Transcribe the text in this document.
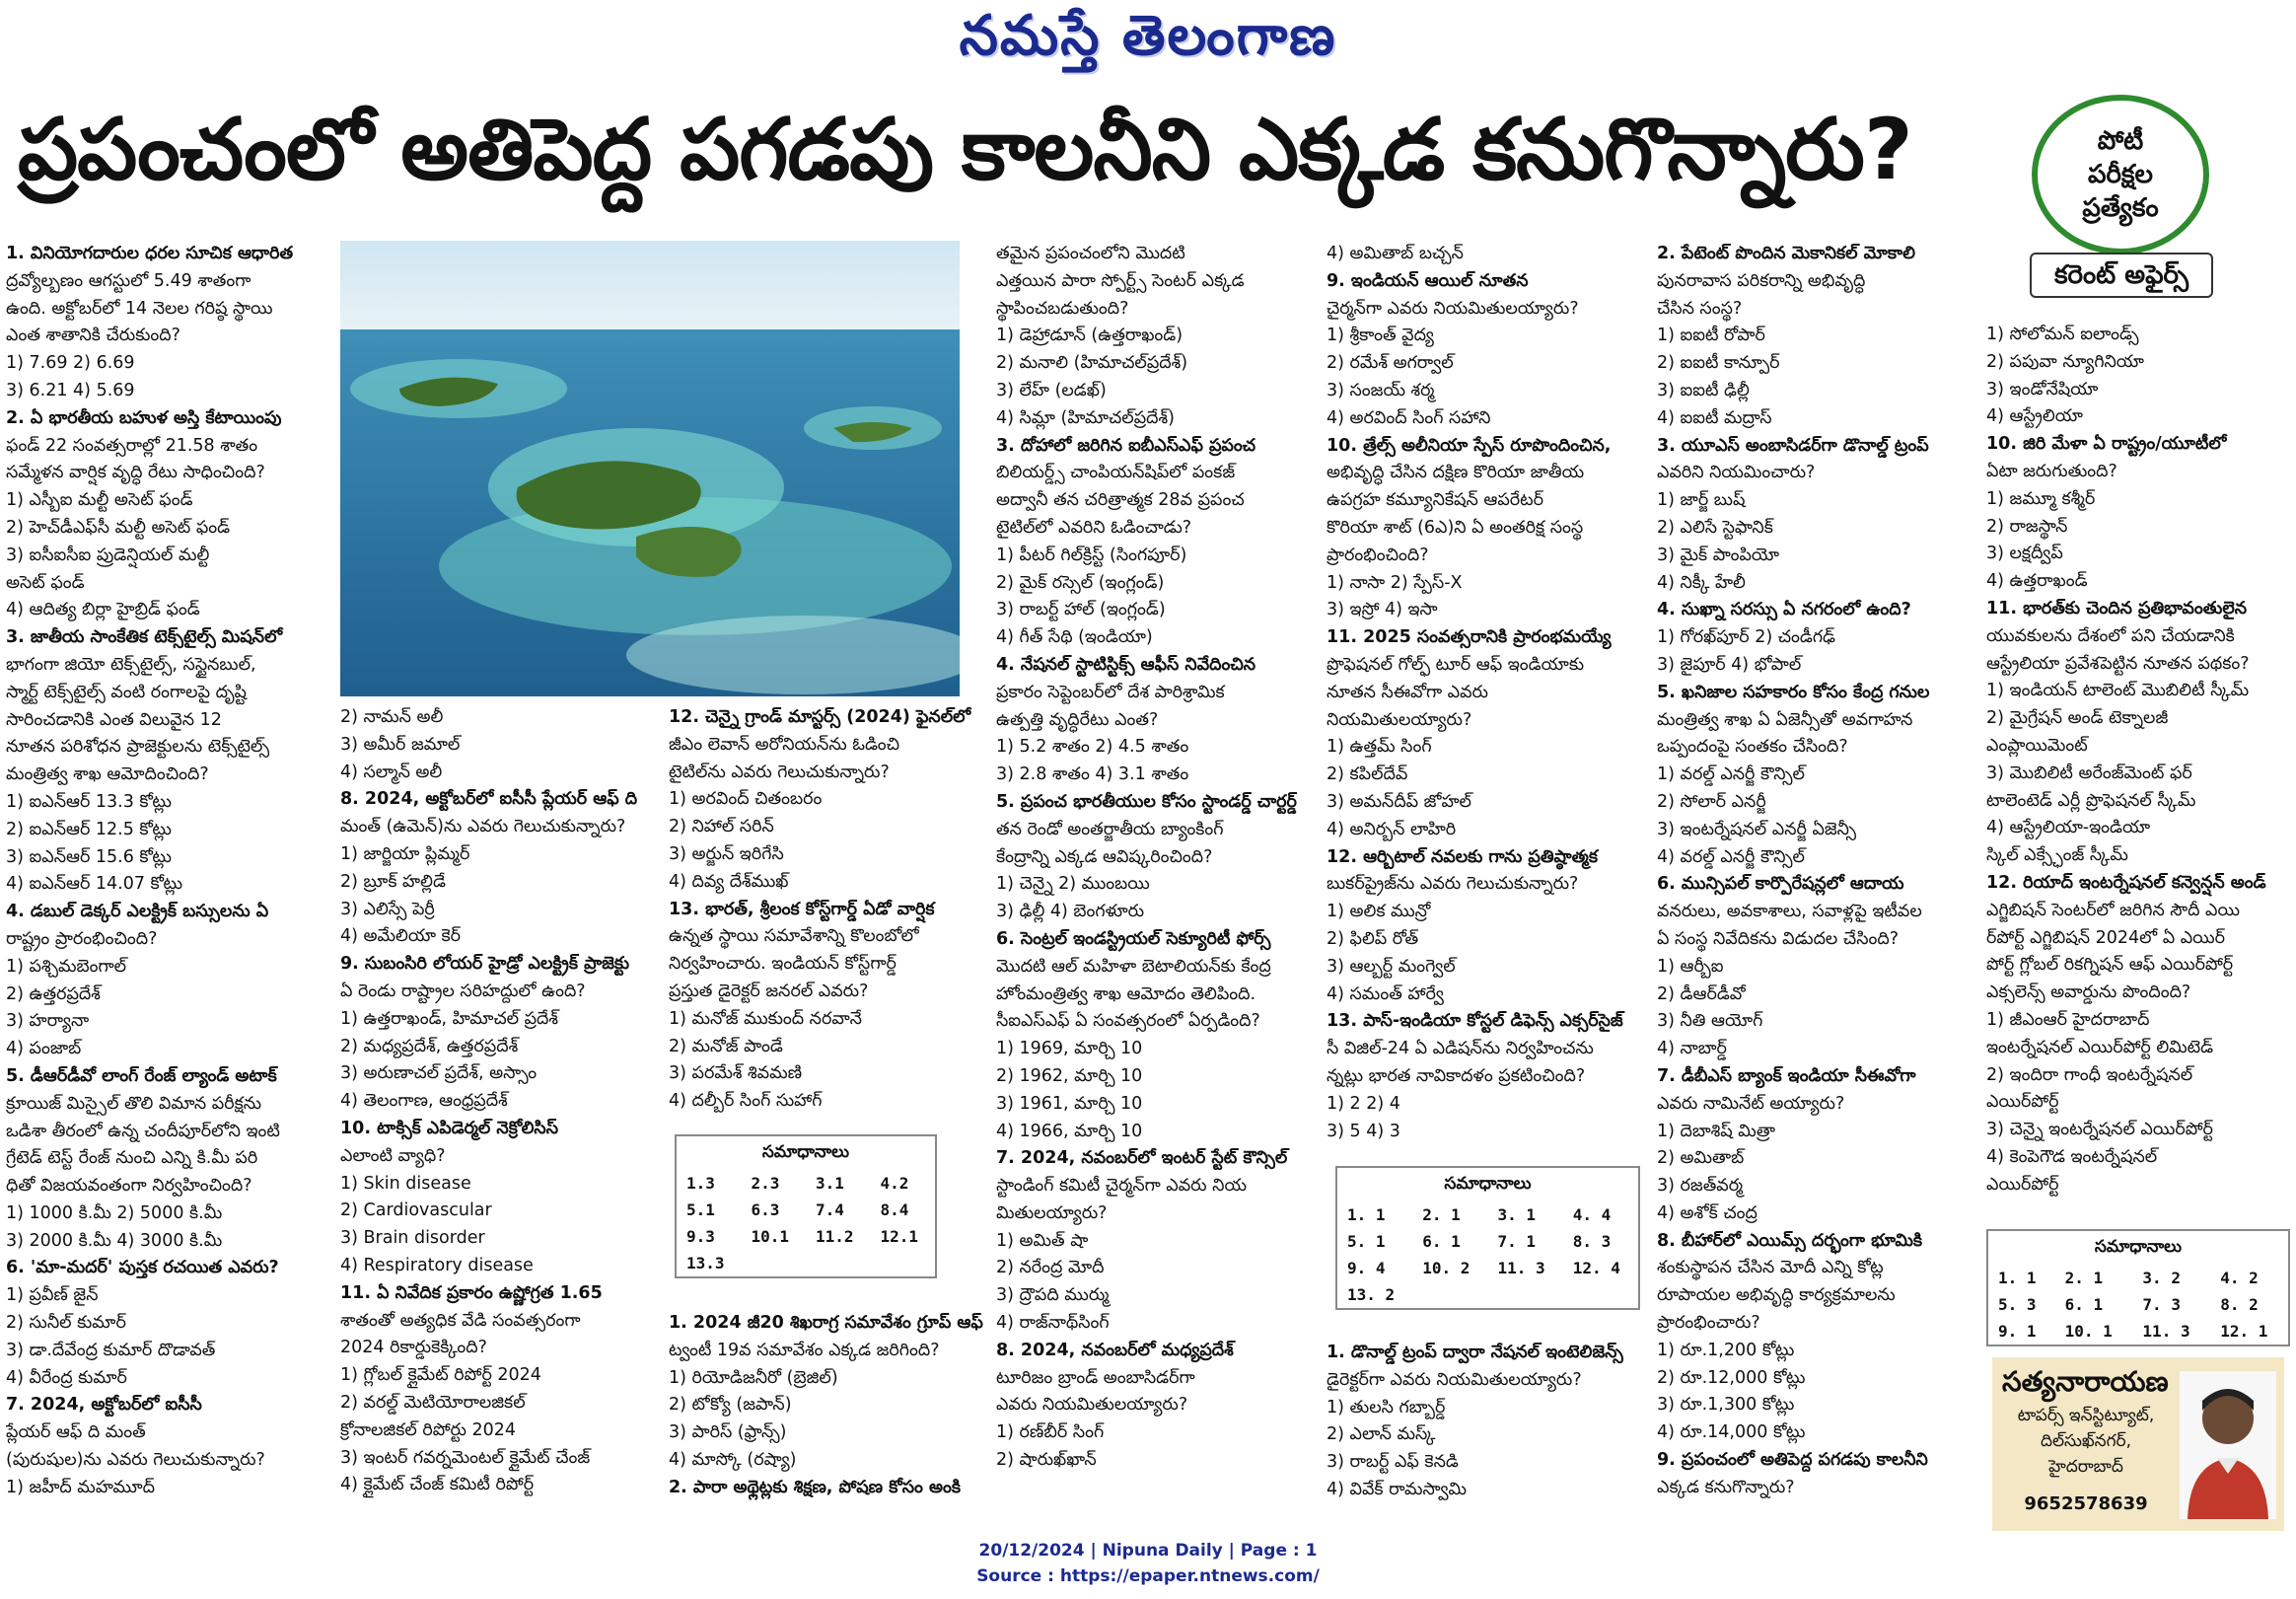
నమస్తే తెలంగాణ
ప్రపంచంలో అతిపెద్ద పగడపు కాలనీని ఎక్కడ కనుగొన్నారు?	పోటీ
పరీక్షల
ప్రత్యేకం
కరెంట్ అఫైర్స్
1. వినియోగదారుల ధరల సూచిక ఆధారిత
ద్రవ్యోల్బణం ఆగస్టులో 5.49 శాతంగా
ఉంది. అక్టోబర్‌లో 14 నెలల గరిష్ఠ స్థాయి
ఎంత శాతానికి చేరుకుంది?
1) 7.69 2) 6.69
3) 6.21 4) 5.69
2. ఏ భారతీయ బహుళ అస్తి కేటాయింపు
ఫండ్ 22 సంవత్సరాల్లో 21.58 శాతం
సమ్మేళన వార్షిక వృద్ధి రేటు సాధించింది?
1) ఎస్బీఐ మల్టీ అసెట్ ఫండ్
2) హెచ్‌డీఎఫ్‌సీ మల్టీ అసెట్ ఫండ్
3) ఐసీఐసీఐ ప్రుడెన్షియల్ మల్టీ
అసెట్ ఫండ్
4) ఆదిత్య బిర్లా హైబ్రిడ్ ఫండ్
3. జాతీయ సాంకేతిక టెక్స్‌టైల్స్ మిషన్‌లో
భాగంగా జియో టెక్స్‌టైల్స్, సస్టైనబుల్,
స్మార్ట్ టెక్స్‌టైల్స్ వంటి రంగాలపై దృష్టి
సారించడానికి ఎంత విలువైన 12
నూతన పరిశోధన ప్రాజెక్టులను టెక్స్‌టైల్స్
మంత్రిత్వ శాఖ ఆమోదించింది?
1) ఐఎన్ఆర్ 13.3 కోట్లు
2) ఐఎన్ఆర్ 12.5 కోట్లు
3) ఐఎన్ఆర్ 15.6 కోట్లు
4) ఐఎన్ఆర్ 14.07 కోట్లు
4. డబుల్ డెక్కర్ ఎలక్ట్రిక్ బస్సులను ఏ
రాష్ట్రం ప్రారంభించింది?
1) పశ్చిమబెంగాల్
2) ఉత్తరప్రదేశ్
3) హర్యానా
4) పంజాబ్
5. డీఆర్‌డీవో లాంగ్ రేంజ్ ల్యాండ్ అటాక్
క్రూయిజ్ మిస్సైల్ తొలి విమాన పరీక్షను
ఒడిశా తీరంలో ఉన్న చందీపూర్‌లోని ఇంటి
గ్రేటెడ్ టెస్ట్ రేంజ్ నుంచి ఎన్ని కి.మీ పరి
ధితో విజయవంతంగా నిర్వహించింది?
1) 1000 కి.మీ 2) 5000 కి.మీ
3) 2000 కి.మీ 4) 3000 కి.మీ
6. 'మా-మదర్' పుస్తక రచయిత ఎవరు?
1) ప్రవీణ్ జైన్
2) సునీల్ కుమార్
3) డా.దేవేంద్ర కుమార్ దొడావత్
4) వీరేంద్ర కుమార్
7. 2024, అక్టోబర్‌లో ఐసీసీ
ప్లేయర్ ఆఫ్ ది మంత్
(పురుషుల)ను ఎవరు గెలుచుకున్నారు?
1) జహీద్ మహమూద్
2) నామన్ అలీ
3) అమీర్ జమాల్
4) సల్మాన్ అలీ
8. 2024, అక్టోబర్‌లో ఐసీసీ ప్లేయర్ ఆఫ్ ది
మంత్ (ఉమెన్)ను ఎవరు గెలుచుకున్నారు?
1) జార్జియా ప్లిమ్మర్
2) బ్రూక్ హల్లిడే
3) ఎలిస్సే పెర్రీ
4) అమేలియా కెర్
9. సుబంసిరి లోయర్ హైడ్రో ఎలక్ట్రిక్ ప్రాజెక్టు
ఏ రెండు రాష్ట్రాల సరిహద్దులో ఉంది?
1) ఉత్తరాఖండ్, హిమాచల్ ప్రదేశ్
2) మధ్యప్రదేశ్, ఉత్తరప్రదేశ్
3) అరుణాచల్ ప్రదేశ్, అస్సాం
4) తెలంగాణ, ఆంధ్రప్రదేశ్
10. టాక్సిక్ ఎపిడెర్మల్ నెక్రోలిసిస్
ఎలాంటి వ్యాధి?
1) Skin disease
2) Cardiovascular
3) Brain disorder
4) Respiratory disease
11. ఏ నివేదిక ప్రకారం ఉష్ణోగ్రత 1.65
శాతంతో అత్యధిక వేడి సంవత్సరంగా
2024 రికార్డుకెక్కింది?
1) గ్లోబల్ క్లైమేట్ రిపోర్ట్ 2024
2) వరల్డ్ మెటియోరాలజికల్
క్రోనాలజికల్ రిపోర్టు 2024
3) ఇంటర్ గవర్నమెంటల్ క్లైమేట్ చేంజ్
4) క్లైమేట్ చేంజ్ కమిటీ రిపోర్ట్
12. చెన్నై గ్రాండ్ మాస్టర్స్ (2024) ఫైనల్‌లో
జీఎం లెవాన్ అరోనియన్‌ను ఓడించి
టైటిల్‌ను ఎవరు గెలుచుకున్నారు?
1) అరవింద్ చితంబరం
2) నిహాల్ సరిన్
3) అర్జున్ ఇరిగేసి
4) దివ్య దేశ్‌ముఖ్
13. భారత్, శ్రీలంక కోస్ట్‌గార్డ్ ఏడో వార్షిక
ఉన్నత స్థాయి సమావేశాన్ని కొలంబోలో
నిర్వహించారు. ఇండియన్ కోస్ట్‌గార్డ్
ప్రస్తుత డైరెక్టర్ జనరల్ ఎవరు?
1) మనోజ్ ముకుంద్ నరవానే
2) మనోజ్ పాండే
3) పరమేశ్ శివమణి
4) దల్బీర్ సింగ్ సుహాగ్
సమాధానాలు
1.3	2.3	3.1	4.2
5.1	6.3	7.4	8.4
9.3	10.1	11.2	12.1
13.3			
1. 2024 జీ20 శిఖరాగ్ర సమావేశం గ్రూప్ ఆఫ్
ట్వంటీ 19వ సమావేశం ఎక్కడ జరిగింది?
1) రియోడిజనీరో (బ్రెజిల్)
2) టోక్యో (జపాన్)
3) పారిస్ (ఫ్రాన్స్)
4) మాస్కో (రష్యా)
2. పారా అథ్లెట్లకు శిక్షణ, పోషణ కోసం అంకి
తమైన ప్రపంచంలోని మొదటి
ఎత్తయిన పారా స్పోర్ట్స్ సెంటర్ ఎక్కడ
స్థాపించబడుతుంది?
1) డెహ్రాడూన్ (ఉత్తరాఖండ్)
2) మనాలి (హిమాచల్‌ప్రదేశ్)
3) లేహ్ (లడఖ్)
4) సిమ్లా (హిమాచల్‌ప్రదేశ్)
3. దోహాలో జరిగిన ఐబీఎస్‌ఎఫ్ ప్రపంచ
బిలియర్డ్స్ చాంపియన్‌షిప్‌లో పంకజ్
అద్వానీ తన చరిత్రాత్మక 28వ ప్రపంచ
టైటిల్‌లో ఎవరిని ఓడించాడు?
1) పీటర్ గిల్‌క్రిస్ట్ (సింగపూర్)
2) మైక్ రస్సెల్ (ఇంగ్లండ్)
3) రాబర్ట్ హాల్ (ఇంగ్లండ్)
4) గీత్ సేథి (ఇండియా)
4. నేషనల్ స్టాటిస్టిక్స్ ఆఫీస్ నివేదించిన
ప్రకారం సెప్టెంబర్‌లో దేశ పారిశ్రామిక
ఉత్పత్తి వృద్ధిరేటు ఎంత?
1) 5.2 శాతం 2) 4.5 శాతం
3) 2.8 శాతం 4) 3.1 శాతం
5. ప్రపంచ భారతీయుల కోసం స్టాండర్డ్ చార్టర్డ్
తన రెండో అంతర్జాతీయ బ్యాంకింగ్
కేంద్రాన్ని ఎక్కడ ఆవిష్కరించింది?
1) చెన్నై 2) ముంబయి
3) ఢిల్లీ 4) బెంగళూరు
6. సెంట్రల్ ఇండస్ట్రియల్ సెక్యూరిటీ ఫోర్స్
మొదటి ఆల్ మహిళా బెటాలియన్‌కు కేంద్ర
హోంమంత్రిత్వ శాఖ ఆమోదం తెలిపింది.
సీఐఎస్ఎఫ్ ఏ సంవత్సరంలో ఏర్పడింది?
1) 1969, మార్చి 10
2) 1962, మార్చి 10
3) 1961, మార్చి 10
4) 1966, మార్చి 10
7. 2024, నవంబర్‌లో ఇంటర్ స్టేట్ కౌన్సిల్
స్టాండింగ్ కమిటీ చైర్మన్‌గా ఎవరు నియ
మితులయ్యారు?
1) అమిత్ షా
2) నరేంద్ర మోదీ
3) ద్రౌపది ముర్ము
4) రాజ్‌నాథ్‌సింగ్
8. 2024, నవంబర్‌లో మధ్యప్రదేశ్
టూరిజం బ్రాండ్ అంబాసిడర్‌గా
ఎవరు నియమితులయ్యారు?
1) రణ్‌బీర్ సింగ్
2) షారుఖ్‌ఖాన్
4) అమితాబ్ బచ్చన్
9. ఇండియన్ ఆయిల్ నూతన
చైర్మన్‌గా ఎవరు నియమితులయ్యారు?
1) శ్రీకాంత్ వైద్య
2) రమేశ్ అగర్వాల్
3) సంజయ్ శర్మ
4) అరవింద్ సింగ్ సహాని
10. త్రేల్స్ అలీనియా స్పేస్ రూపొందించిన,
అభివృద్ధి చేసిన దక్షిణ కొరియా జాతీయ
ఉపగ్రహ కమ్యూనికేషన్ ఆపరేటర్
కొరియా శాట్ (6ఎ)ని ఏ అంతరిక్ష సంస్థ
ప్రారంభించింది?
1) నాసా 2) స్పేస్-X
3) ఇస్రో 4) ఇసా
11. 2025 సంవత్సరానికి ప్రారంభమయ్యే
ప్రొఫెషనల్ గోల్ఫ్ టూర్ ఆఫ్ ఇండియాకు
నూతన సీఈవోగా ఎవరు
నియమితులయ్యారు?
1) ఉత్తమ్ సింగ్
2) కపిల్‌దేవ్
3) అమన్‌దీప్ జోహల్
4) అనిర్బన్ లాహిరి
12. ఆర్బిటాల్ నవలకు గాను ప్రతిష్ఠాత్మక
బుకర్‌ప్రైజ్‌ను ఎవరు గెలుచుకున్నారు?
1) అలిక మున్రో
2) ఫిలిప్ రోత్
3) ఆల్బర్ట్ మంగ్వెల్
4) సమంత్ హార్వే
13. పాస్-ఇండియా కోస్టల్ డిఫెన్స్ ఎక్సర్‌సైజ్
సీ విజిల్-24 ఏ ఎడిషన్‌ను నిర్వహించను
న్నట్లు భారత నావికాదళం ప్రకటించింది?
1) 2 2) 4
3) 5 4) 3
సమాధానాలు
1. 1	2. 1	3. 1	4. 4
5. 1	6. 1	7. 1	8. 3
9. 4	10. 2	11. 3	12. 4
13. 2			
1. డొనాల్డ్ ట్రంప్ ద్వారా నేషనల్ ఇంటెలిజెన్స్
డైరెక్టర్‌గా ఎవరు నియమితులయ్యారు?
1) తులసి గబ్బార్డ్
2) ఎలాన్ మస్క్
3) రాబర్ట్ ఎఫ్ కెనడి
4) వివేక్ రామస్వామి
2. పేటెంట్ పొందిన మెకానికల్ మోకాలి
పునరావాస పరికరాన్ని అభివృద్ధి
చేసిన సంస్థ?
1) ఐఐటీ రోపార్
2) ఐఐటీ కాన్పూర్
3) ఐఐటీ ఢిల్లీ
4) ఐఐటీ మద్రాస్
3. యూఎస్ అంబాసిడర్‌గా డొనాల్డ్ ట్రంప్
ఎవరిని నియమించారు?
1) జార్జ్ బుష్
2) ఎలిసే స్టెఫానిక్
3) మైక్ పాంపియో
4) నిక్కీ హేలీ
4. సుఖ్నా సరస్సు ఏ నగరంలో ఉంది?
1) గోరఖ్‌పూర్ 2) చండీగఢ్
3) జైపూర్ 4) భోపాల్
5. ఖనిజాల సహకారం కోసం కేంద్ర గనుల
మంత్రిత్వ శాఖ ఏ ఏజెన్సీతో అవగాహన
ఒప్పందంపై సంతకం చేసింది?
1) వరల్డ్ ఎనర్జీ కౌన్సిల్
2) సోలార్ ఎనర్జీ
3) ఇంటర్నేషనల్ ఎనర్జీ ఏజెన్సీ
4) వరల్డ్ ఎనర్జీ కౌన్సిల్
6. మున్సిపల్ కార్పొరేషన్లలో ఆదాయ
వనరులు, అవకాశాలు, సవాళ్లపై ఇటీవల
ఏ సంస్థ నివేదికను విడుదల చేసింది?
1) ఆర్బీఐ
2) డీఆర్‌డీవో
3) నీతి ఆయోగ్
4) నాబార్డ్
7. డీబీఎస్ బ్యాంక్ ఇండియా సీఈవోగా
ఎవరు నామినేట్ అయ్యారు?
1) దెబాశిష్ మిత్రా
2) అమితాబ్
3) రజత్‌వర్మ
4) అశోక్ చంద్ర
8. బీహార్‌లో ఎయిమ్స్ దర్భంగా భూమికి
శంకుస్థాపన చేసిన మోదీ ఎన్ని కోట్ల
రూపాయల అభివృద్ధి కార్యక్రమాలను
ప్రారంభించారు?
1) రూ.1,200 కోట్లు
2) రూ.12,000 కోట్లు
3) రూ.1,300 కోట్లు
4) రూ.14,000 కోట్లు
9. ప్రపంచంలో అతిపెద్ద పగడపు కాలనీని
ఎక్కడ కనుగొన్నారు?
1) సోలోమన్ ఐలాండ్స్
2) పపువా న్యూగినియా
3) ఇండోనేషియా
4) ఆస్ట్రేలియా
10. జిరి మేళా ఏ రాష్ట్రం/యూటీలో
ఏటా జరుగుతుంది?
1) జమ్మూ కశ్మీర్
2) రాజస్థాన్
3) లక్షద్వీప్
4) ఉత్తరాఖండ్
11. భారత్‌కు చెందిన ప్రతిభావంతులైన
యువకులను దేశంలో పని చేయడానికి
ఆస్ట్రేలియా ప్రవేశపెట్టిన నూతన పథకం?
1) ఇండియన్ టాలెంట్ మొబిలిటీ స్కీమ్
2) మైగ్రేషన్ అండ్ టెక్నాలజీ
ఎంప్లాయిమెంట్
3) మొబిలిటీ అరేంజ్‌మెంట్ ఫర్
టాలెంటెడ్ ఎర్లీ ప్రొఫెషనల్ స్కీమ్
4) ఆస్ట్రేలియా-ఇండియా
స్కిల్ ఎక్స్ఛేంజ్ స్కీమ్
12. రియాద్ ఇంటర్నేషనల్ కన్వెన్షన్ అండ్
ఎగ్జిబిషన్ సెంటర్‌లో జరిగిన సౌదీ ఎయి
ర్‌పోర్ట్ ఎగ్జిబిషన్ 2024లో ఏ ఎయిర్
పోర్ట్ గ్లోబల్ రికగ్నిషన్ ఆఫ్ ఎయిర్‌పోర్ట్
ఎక్సలెన్స్ అవార్డును పొందింది?
1) జీఎంఆర్ హైదరాబాద్
ఇంటర్నేషనల్ ఎయిర్‌పోర్ట్ లిమిటెడ్
2) ఇందిరా గాంధీ ఇంటర్నేషనల్
ఎయిర్‌పోర్ట్
3) చెన్నై ఇంటర్నేషనల్ ఎయిర్‌పోర్ట్
4) కెంపెగౌడ ఇంటర్నేషనల్
ఎయిర్‌పోర్ట్
సమాధానాలు
1. 1	2. 1	3. 2	4. 2
5. 3	6. 1	7. 3	8. 2
9. 1	10. 1	11. 3	12. 1
సత్యనారాయణ
టాపర్స్ ఇన్‌స్టిట్యూట్,
దిల్‌సుఖ్‌నగర్,
హైదరాబాద్
9652578639
20/12/2024 | Nipuna Daily | Page : 1
Source : https://epaper.ntnews.com/
